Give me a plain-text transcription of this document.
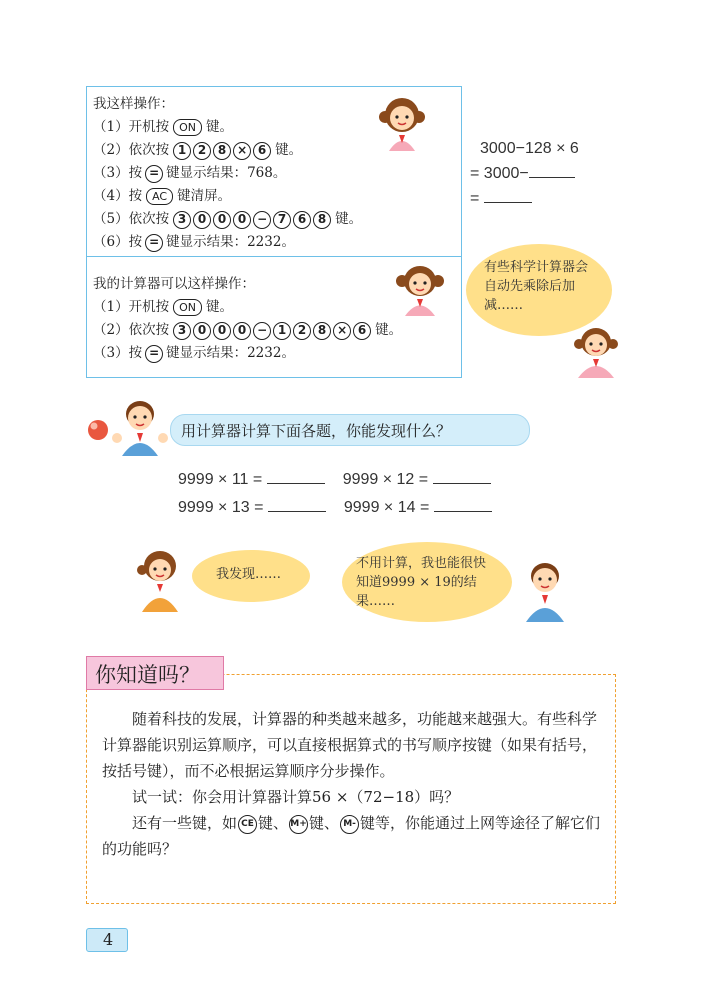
我这样操作：
（1）开机按 ON 键。
（2）依次按 1 2 8 × 6 键。
（3）按 = 键显示结果：768。
（4）按 AC 键清屏。
（5）依次按 3 0 0 0 − 7 6 8 键。
（6）按 = 键显示结果：2232。
我的计算器可以这样操作：
（1）开机按 ON 键。
（2）依次按 3 0 0 0 − 1 2 8 × 6 键。
（3）按 = 键显示结果：2232。
3000−128 × 6
= 3000−
=
有些科学计算器会自动先乘除后加减……
用计算器计算下面各题，你能发现什么？
9999 × 11 =	9999 × 12 =
9999 × 13 =	9999 × 14 =
我发现……
不用计算，我也能很快知道9999 × 19的结果……
你知道吗？
随着科技的发展，计算器的种类越来越多，功能越来越强大。有些科学计算器能识别运算顺序，可以直接根据算式的书写顺序按键（如果有括号，按括号键），而不必根据运算顺序分步操作。
试一试：你会用计算器计算56 ×（72−18）吗？
还有一些键，如 CE 键、 M+ 键、 M- 键等，你能通过上网等途径了解它们的功能吗？
4
